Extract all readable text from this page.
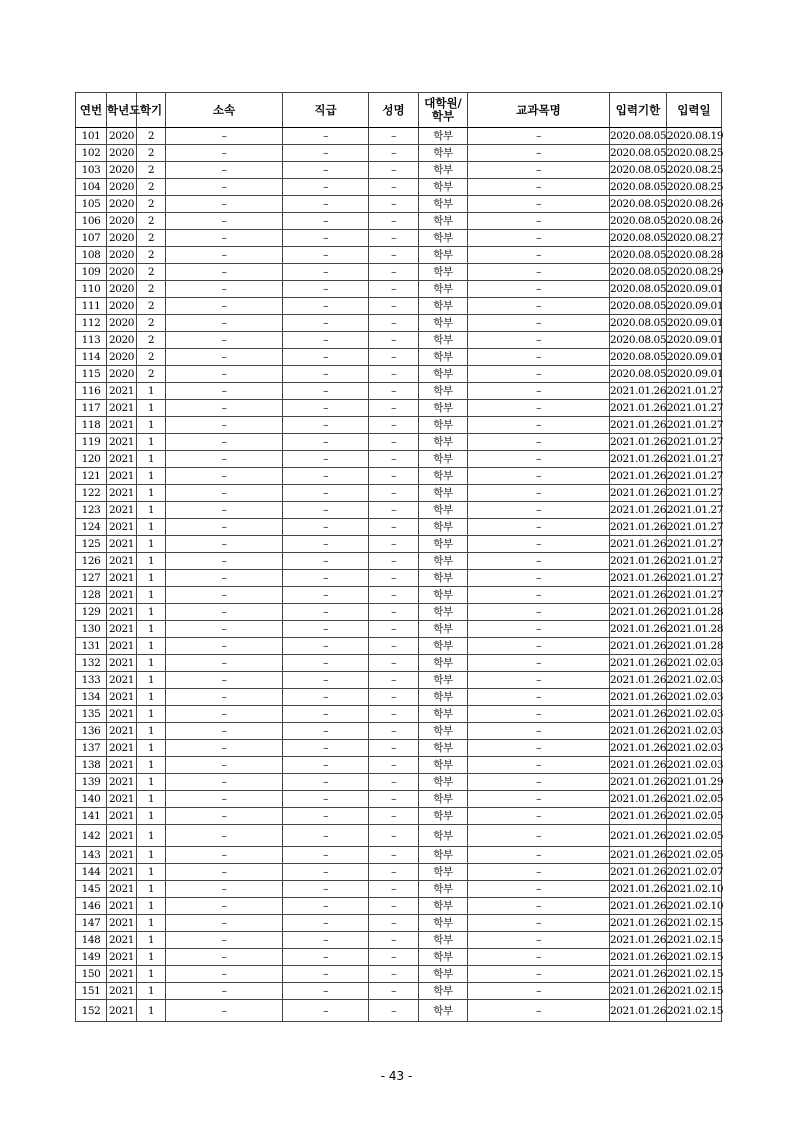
연번	학년도	학기	소속	직급	성명	대학원/학부	교과목명	입력기한	입력일
101	2020	2	–	–	–	학부	–	2020.08.05.	2020.08.19
102	2020	2	–	–	–	학부	–	2020.08.05.	2020.08.25
103	2020	2	–	–	–	학부	–	2020.08.05.	2020.08.25
104	2020	2	–	–	–	학부	–	2020.08.05.	2020.08.25
105	2020	2	–	–	–	학부	–	2020.08.05.	2020.08.26
106	2020	2	–	–	–	학부	–	2020.08.05.	2020.08.26
107	2020	2	–	–	–	학부	–	2020.08.05.	2020.08.27
108	2020	2	–	–	–	학부	–	2020.08.05.	2020.08.28
109	2020	2	–	–	–	학부	–	2020.08.05.	2020.08.29
110	2020	2	–	–	–	학부	–	2020.08.05.	2020.09.01
111	2020	2	–	–	–	학부	–	2020.08.05.	2020.09.01
112	2020	2	–	–	–	학부	–	2020.08.05.	2020.09.01
113	2020	2	–	–	–	학부	–	2020.08.05.	2020.09.01
114	2020	2	–	–	–	학부	–	2020.08.05.	2020.09.01
115	2020	2	–	–	–	학부	–	2020.08.05.	2020.09.01
116	2021	1	–	–	–	학부	–	2021.01.26.	2021.01.27
117	2021	1	–	–	–	학부	–	2021.01.26.	2021.01.27
118	2021	1	–	–	–	학부	–	2021.01.26.	2021.01.27
119	2021	1	–	–	–	학부	–	2021.01.26.	2021.01.27
120	2021	1	–	–	–	학부	–	2021.01.26.	2021.01.27
121	2021	1	–	–	–	학부	–	2021.01.26.	2021.01.27
122	2021	1	–	–	–	학부	–	2021.01.26.	2021.01.27
123	2021	1	–	–	–	학부	–	2021.01.26.	2021.01.27
124	2021	1	–	–	–	학부	–	2021.01.26.	2021.01.27
125	2021	1	–	–	–	학부	–	2021.01.26.	2021.01.27
126	2021	1	–	–	–	학부	–	2021.01.26.	2021.01.27
127	2021	1	–	–	–	학부	–	2021.01.26.	2021.01.27
128	2021	1	–	–	–	학부	–	2021.01.26.	2021.01.27
129	2021	1	–	–	–	학부	–	2021.01.26.	2021.01.28
130	2021	1	–	–	–	학부	–	2021.01.26.	2021.01.28
131	2021	1	–	–	–	학부	–	2021.01.26.	2021.01.28
132	2021	1	–	–	–	학부	–	2021.01.26.	2021.02.03
133	2021	1	–	–	–	학부	–	2021.01.26.	2021.02.03
134	2021	1	–	–	–	학부	–	2021.01.26.	2021.02.03
135	2021	1	–	–	–	학부	–	2021.01.26.	2021.02.03
136	2021	1	–	–	–	학부	–	2021.01.26.	2021.02.03
137	2021	1	–	–	–	학부	–	2021.01.26.	2021.02.03
138	2021	1	–	–	–	학부	–	2021.01.26.	2021.02.03
139	2021	1	–	–	–	학부	–	2021.01.26.	2021.01.29
140	2021	1	–	–	–	학부	–	2021.01.26.	2021.02.05
141	2021	1	–	–	–	학부	–	2021.01.26.	2021.02.05
142	2021	1	–	–	–	학부	–	2021.01.26.	2021.02.05
143	2021	1	–	–	–	학부	–	2021.01.26.	2021.02.05
144	2021	1	–	–	–	학부	–	2021.01.26.	2021.02.07
145	2021	1	–	–	–	학부	–	2021.01.26.	2021.02.10
146	2021	1	–	–	–	학부	–	2021.01.26.	2021.02.10
147	2021	1	–	–	–	학부	–	2021.01.26.	2021.02.15
148	2021	1	–	–	–	학부	–	2021.01.26.	2021.02.15
149	2021	1	–	–	–	학부	–	2021.01.26.	2021.02.15
150	2021	1	–	–	–	학부	–	2021.01.26.	2021.02.15
151	2021	1	–	–	–	학부	–	2021.01.26.	2021.02.15
152	2021	1	–	–	–	학부	–	2021.01.26.	2021.02.15
- 43 -
